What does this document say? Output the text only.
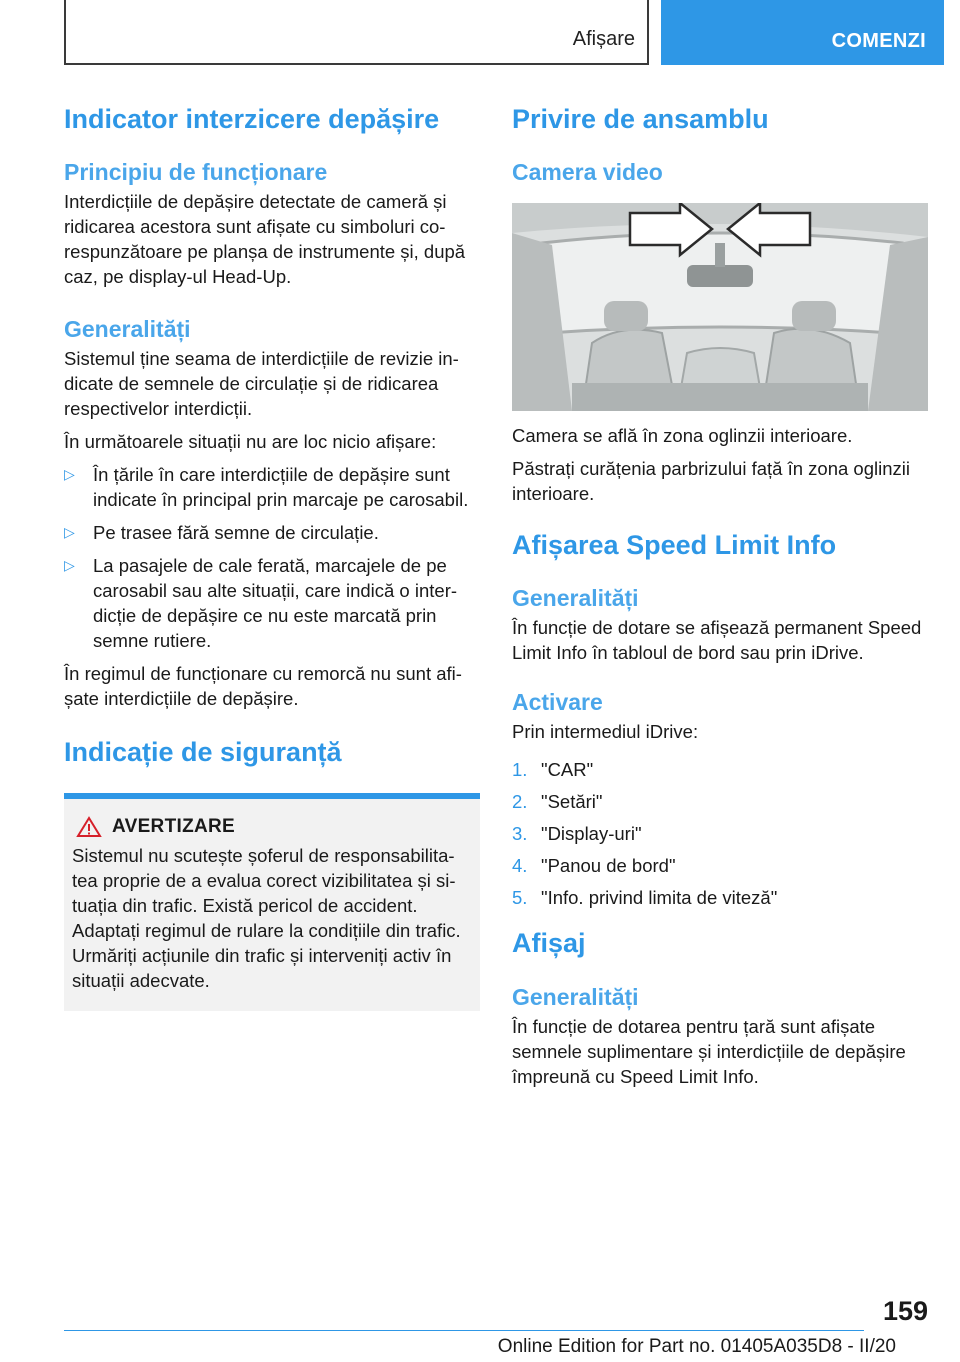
Afișare	COMENZI
Indicator interzicere depășire
Principiu de funcționare

Interdicțiile de depășire detectate de cameră și ridicarea acestora sunt afișate cu simboluri co-respunzătoare pe planșa de instrumente și, după caz, pe display-ul Head-Up.

Generalități

Sistemul ține seama de interdicțiile de revizie in-dicate de semnele de circulație și de ridicarea respectivelor interdicții.

În următoarele situații nu are loc nicio afișare:

▷ În țările în care interdicțiile de depășire sunt indicate în principal prin marcaje pe carosabil.
▷ Pe trasee fără semne de circulație.
▷ La pasajele de cale ferată, marcajele de pe carosabil sau alte situații, care indică o inter-dicție de depășire ce nu este marcată prin semne rutiere.

În regimul de funcționare cu remorcă nu sunt afi-șate interdicțiile de depășire.

Indicație de siguranță
AVERTIZARE

Sistemul nu scutește șoferul de responsabilita-tea proprie de a evalua corect vizibilitatea și si-tuația din trafic. Există pericol de accident. Adaptați regimul de rulare la condițiile din trafic. Urmăriți acțiunile din trafic și interveniți activ în situații adecvate.

Privire de ansamblu
Camera video

Camera se află în zona oglinzii interioare.

Păstrați curățenia parbrizului față în zona oglinzii interioare.

Afișarea Speed Limit Info
Generalități

În funcție de dotare se afișează permanent Speed Limit Info în tabloul de bord sau prin iDrive.

Activare

Prin intermediul iDrive:

1. "CAR"
2. "Setări"
3. "Display-uri"
4. "Panou de bord"
5. "Info. privind limita de viteză"
Afișaj
Generalități

În funcție de dotarea pentru țară sunt afișate semnele suplimentare și interdicțiile de depășire împreună cu Speed Limit Info.

159
Online Edition for Part no. 01405A035D8 - II/20
